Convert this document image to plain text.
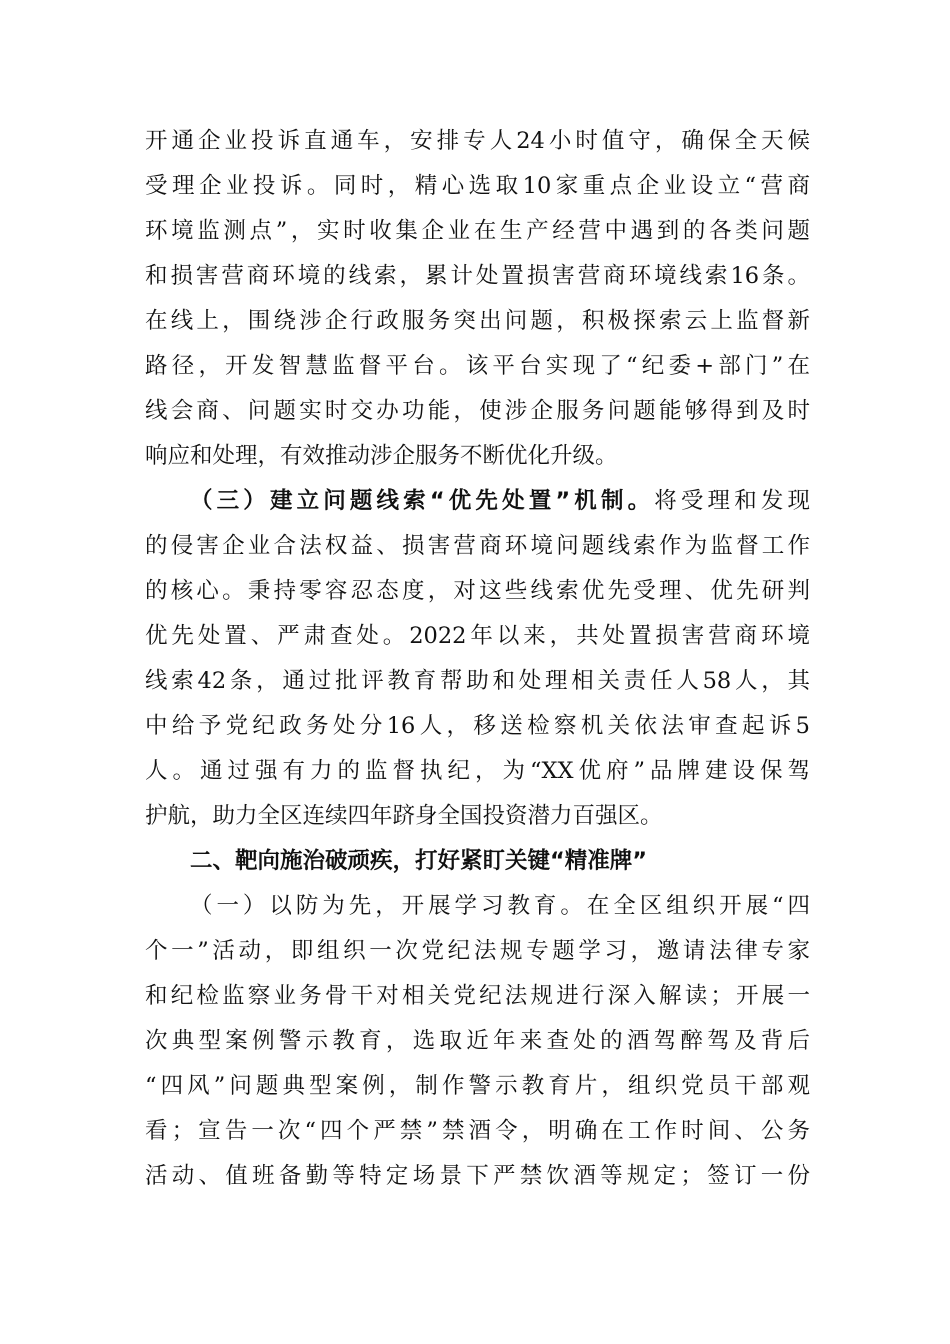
开通企业投诉直通车，安排专人24小时值守，确保全天候
受理企业投诉。同时，精心选取10家重点企业设立“营商
环境监测点”，实时收集企业在生产经营中遇到的各类问题
和损害营商环境的线索，累计处置损害营商环境线索16条。
在线上，围绕涉企行政服务突出问题，积极探索云上监督新
路径，开发智慧监督平台。该平台实现了“纪委+部门”在
线会商、问题实时交办功能，使涉企服务问题能够得到及时
响应和处理，有效推动涉企服务不断优化升级。
（三）建立问题线索“优先处置”机制。将受理和发现
的侵害企业合法权益、损害营商环境问题线索作为监督工作
的核心。秉持零容忍态度，对这些线索优先受理、优先研判
优先处置、严肃查处。2022年以来，共处置损害营商环境
线索42条，通过批评教育帮助和处理相关责任人58人，其
中给予党纪政务处分16人，移送检察机关依法审查起诉5
人。通过强有力的监督执纪，为“XX优府”品牌建设保驾
护航，助力全区连续四年跻身全国投资潜力百强区。
二、靶向施治破顽疾，打好紧盯关键“精准牌”
（一）以防为先，开展学习教育。在全区组织开展“四
个一”活动，即组织一次党纪法规专题学习，邀请法律专家
和纪检监察业务骨干对相关党纪法规进行深入解读；开展一
次典型案例警示教育，选取近年来查处的酒驾醉驾及背后
“四风”问题典型案例，制作警示教育片，组织党员干部观
看；宣告一次“四个严禁”禁酒令，明确在工作时间、公务
活动、值班备勤等特定场景下严禁饮酒等规定；签订一份
